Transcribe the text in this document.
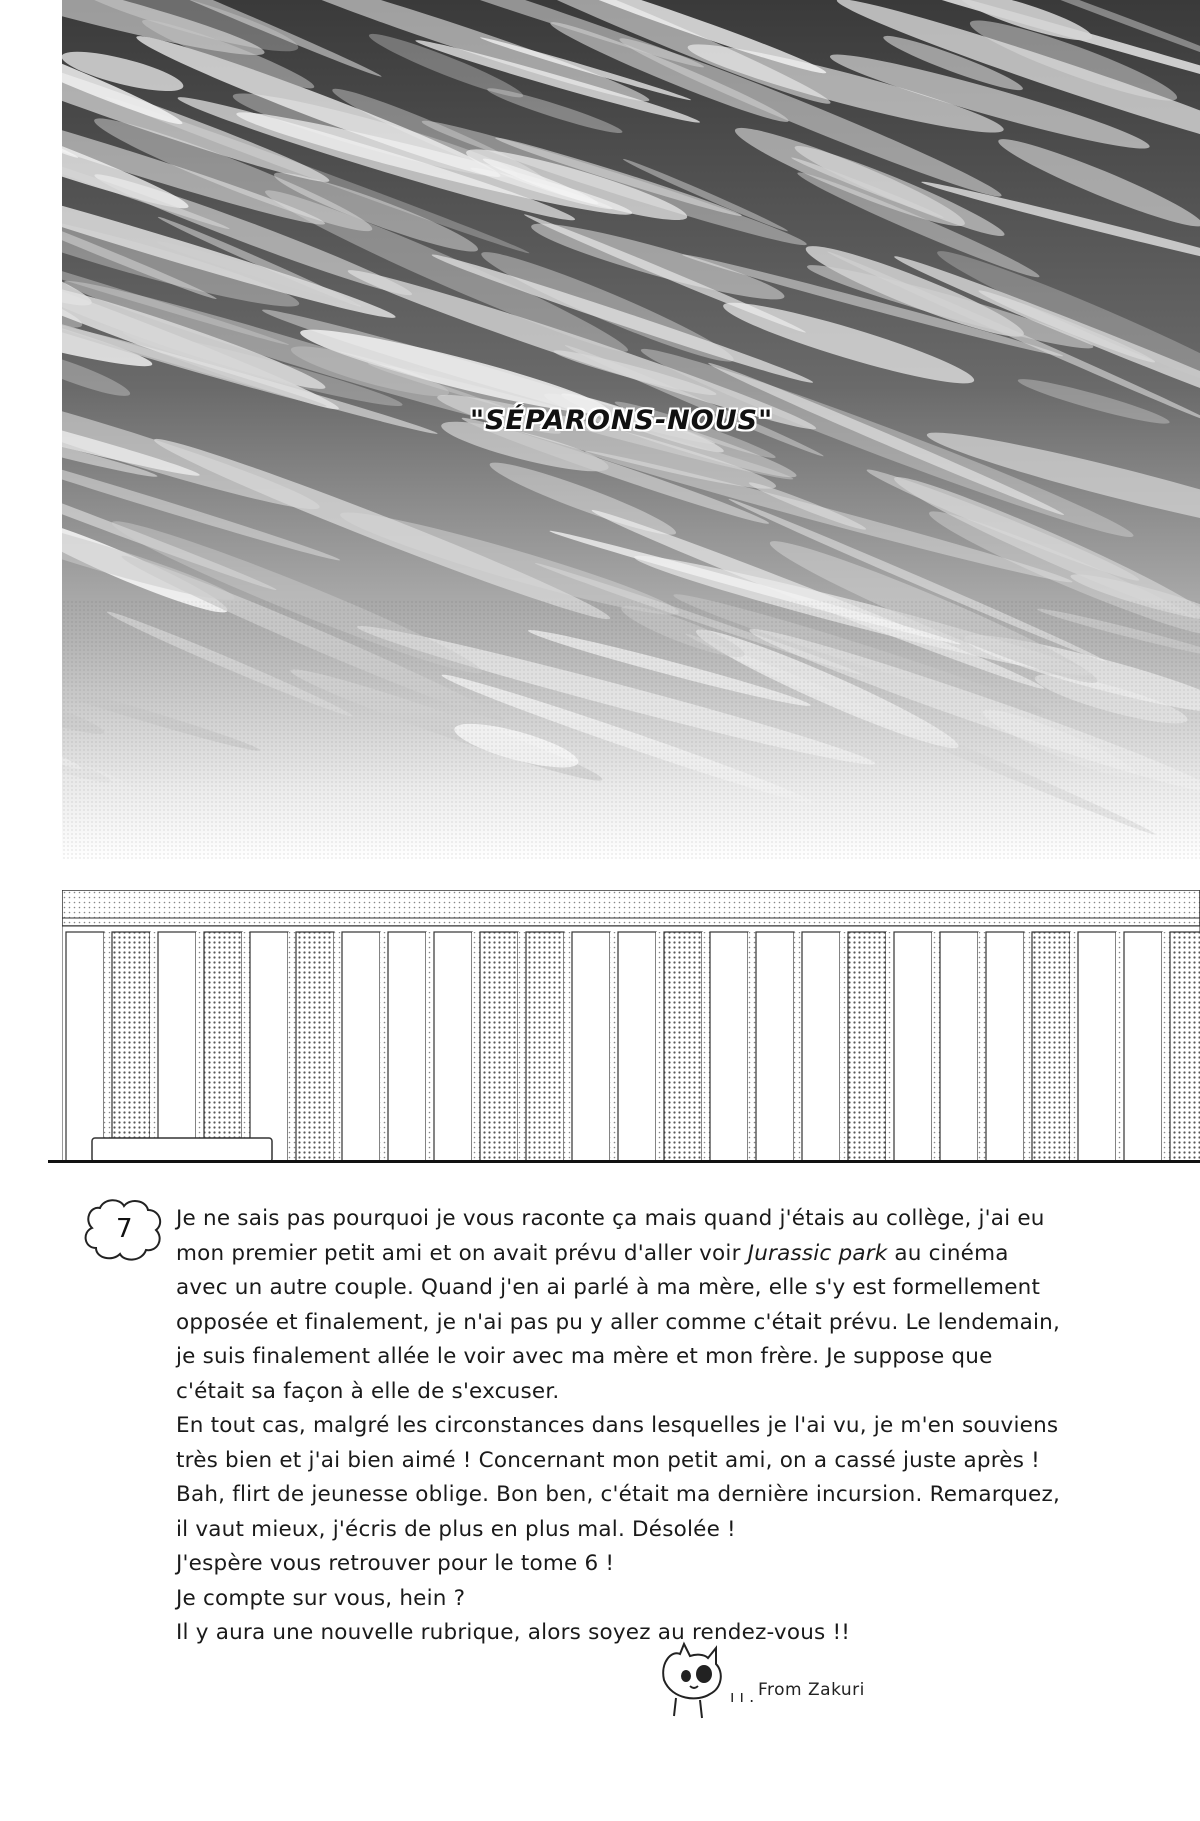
"SÉPARONS-NOUS"
7 Je ne sais pas pourquoi je vous raconte ça mais quand j'étais au collège, j'ai eu

mon premier petit ami et on avait prévu d'aller voir Jurassic park au cinéma

avec un autre couple. Quand j'en ai parlé à ma mère, elle s'y est formellement

opposée et finalement, je n'ai pas pu y aller comme c'était prévu. Le lendemain,

je suis finalement allée le voir avec ma mère et mon frère. Je suppose que

c'était sa façon à elle de s'excuser.

En tout cas, malgré les circonstances dans lesquelles je l'ai vu, je m'en souviens

très bien et j'ai bien aimé ! Concernant mon petit ami, on a cassé juste après !

Bah, flirt de jeunesse oblige. Bon ben, c'était ma dernière incursion. Remarquez,

il vaut mieux, j'écris de plus en plus mal. Désolée !

J'espère vous retrouver pour le tome 6 !

Je compte sur vous, hein ?

Il y aura une nouvelle rubrique, alors soyez au rendez-vous !!

ı ı . From Zakuri
